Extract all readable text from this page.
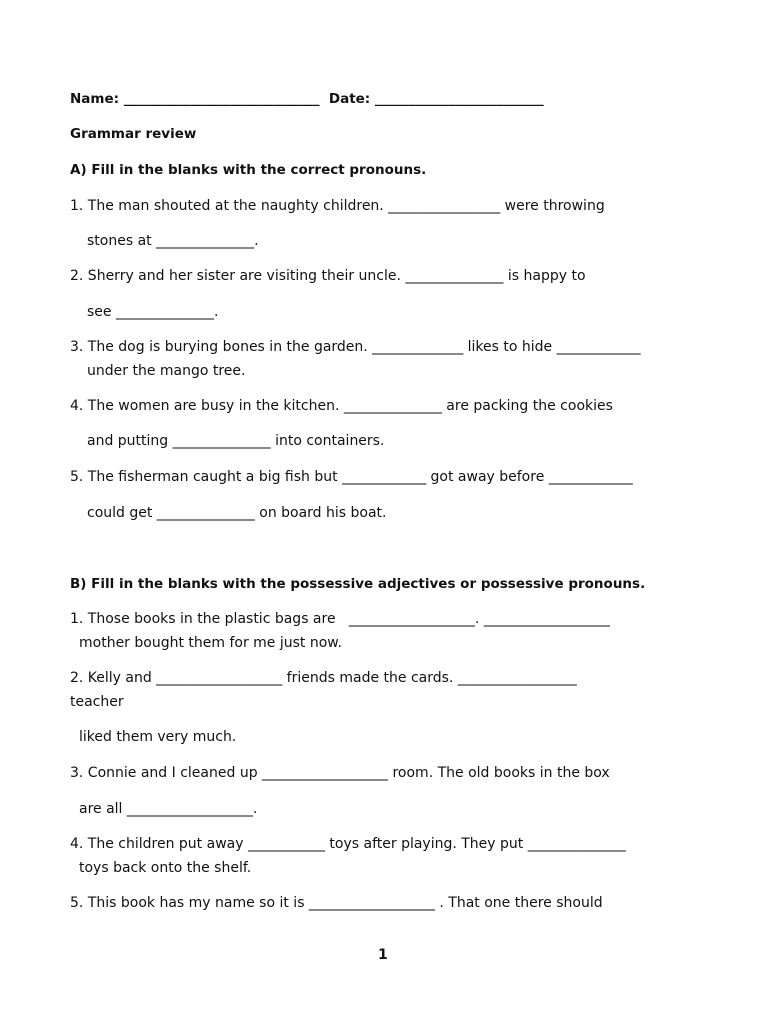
Name: _____________________________  Date: _________________________
Grammar review
A) Fill in the blanks with the correct pronouns.
1. The man shouted at the naughty children. ________________ were throwing
stones at ______________.
2. Sherry and her sister are visiting their uncle. ______________ is happy to
see ______________.
3. The dog is burying bones in the garden. _____________ likes to hide ____________
under the mango tree.
4. The women are busy in the kitchen. ______________ are packing the cookies
and putting ______________ into containers.
5. The fisherman caught a big fish but ____________ got away before ____________
could get ______________ on board his boat.
B) Fill in the blanks with the possessive adjectives or possessive pronouns.
1. Those books in the plastic bags are   __________________. __________________
mother bought them for me just now.
2. Kelly and __________________ friends made the cards. _________________
teacher
liked them very much.
3. Connie and I cleaned up __________________ room. The old books in the box
are all __________________.
4. The children put away ___________ toys after playing. They put ______________
toys back onto the shelf.
5. This book has my name so it is __________________ . That one there should
1
